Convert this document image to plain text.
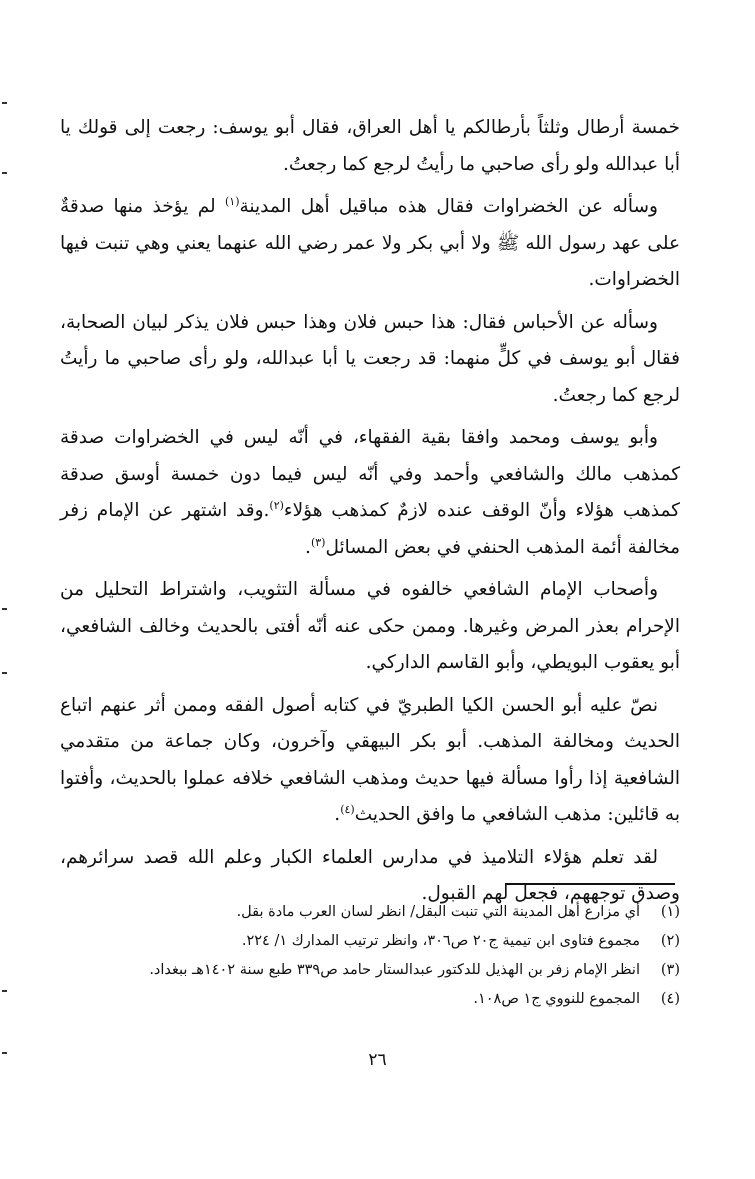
خمسة أرطال وثلثاً بأرطالكم يا أهل العراق، فقال أبو يوسف: رجعت إلى قولك يا أبا عبدالله ولو رأى صاحبي ما رأيتُ لرجع كما رجعتُ.

وسأله عن الخضراوات فقال هذه مباقيل أهل المدينة$^{(١)}$ لم يؤخذ منها صدقةٌ على عهد رسول الله ﷺ ولا أبي بكر ولا عمر رضي الله عنهما يعني وهي تنبت فيها الخضراوات.

وسأله عن الأحباس فقال: هذا حبس فلان وهذا حبس فلان يذكر لبيان الصحابة، فقال أبو يوسف في كلٍّ منهما: قد رجعت يا أبا عبدالله، ولو رأى صاحبي ما رأيتُ لرجع كما رجعتُ.

وأبو يوسف ومحمد وافقا بقية الفقهاء، في أنّه ليس في الخضراوات صدقة كمذهب مالك والشافعي وأحمد وفي أنّه ليس فيما دون خمسة أوسق صدقة كمذهب هؤلاء وأنّ الوقف عنده لازمٌ كمذهب هؤلاء$^{(٢)}$.وقد اشتهر عن الإمام زفر مخالفة أئمة المذهب الحنفي في بعض المسائل$^{(٣)}$.

وأصحاب الإمام الشافعي خالفوه في مسألة التثويب، واشتراط التحليل من الإحرام بعذر المرض وغيرها. وممن حكى عنه أنّه أفتى بالحديث وخالف الشافعي، أبو يعقوب البويطي، وأبو القاسم الداركي.

نصّ عليه أبو الحسن الكيا الطبريّ في كتابه أصول الفقه وممن أثر عنهم اتباع الحديث ومخالفة المذهب. أبو بكر البيهقي وآخرون، وكان جماعة من متقدمي الشافعية إذا رأوا مسألة فيها حديث ومذهب الشافعي خلافه عملوا بالحديث، وأفتوا به قائلين: مذهب الشافعي ما وافق الحديث$^{(٤)}$.

لقد تعلم هؤلاء التلاميذ في مدارس العلماء الكبار وعلم الله قصد سرائرهم، وصدق توجههم، فجعل لهم القبول.

(١)
أي مزارع أهل المدينة التي تنبت البقل/ انظر لسان العرب مادة بقل.
(٢)
مجموع فتاوى ابن تيمية ج٢٠ ص٣٠٦، وانظر ترتيب المدارك ١/ ٢٢٤.
(٣)
انظر الإمام زفر بن الهذيل للدكتور عبدالستار حامد ص٣٣٩ طبع سنة ١٤٠٢هـ ببغداد.
(٤)
المجموع للنووي ج١ ص١٠٨.
٢٦
